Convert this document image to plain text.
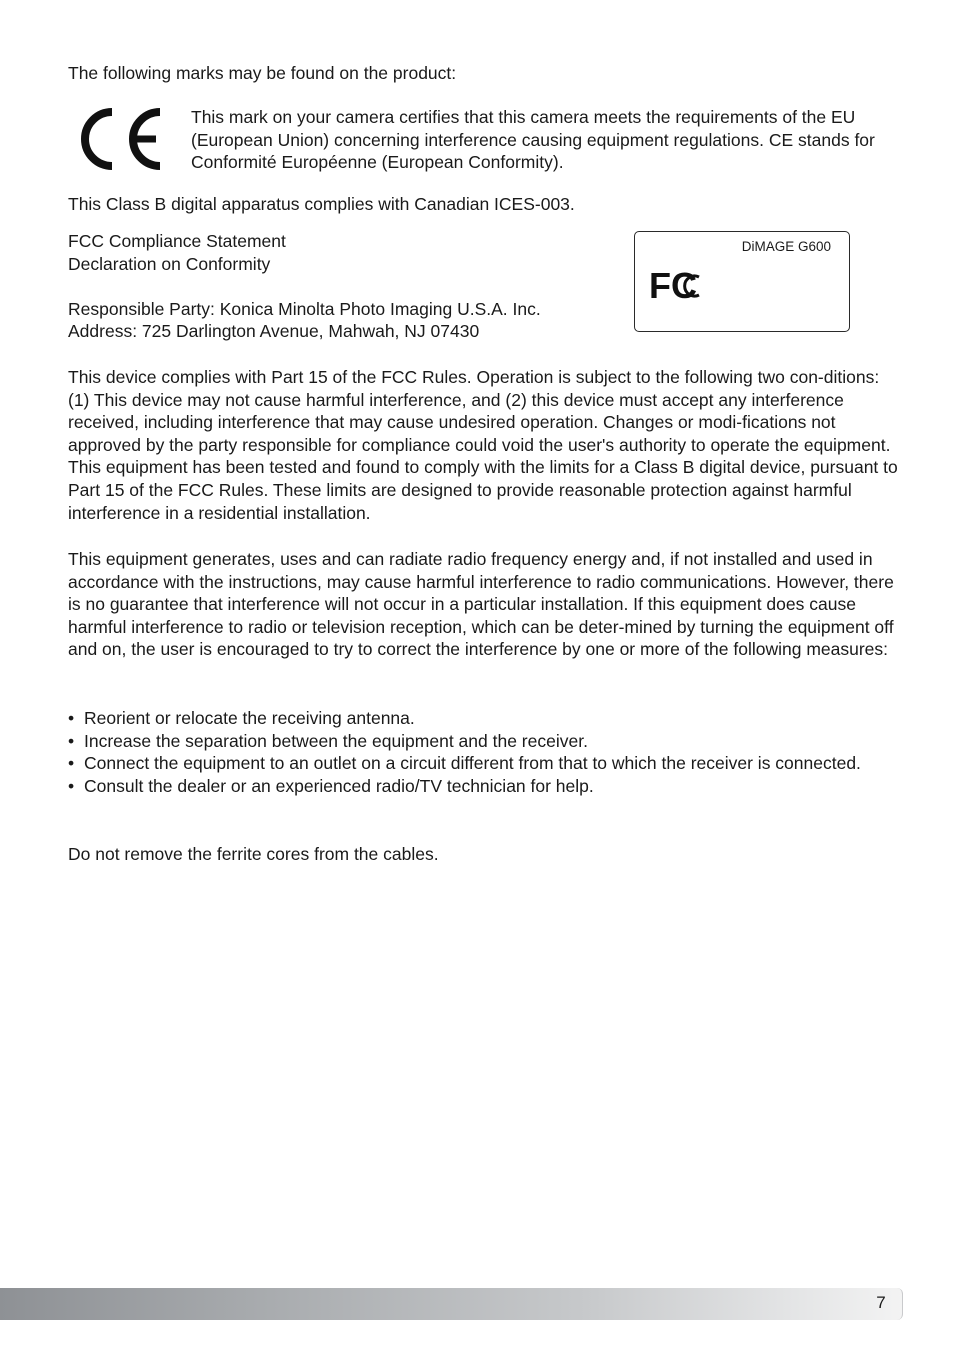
The following marks may be found on the product:

This mark on your camera certifies that this camera meets the requirements of the EU (European Union) concerning interference causing equipment regulations. CE stands for Conformité Européenne (European Conformity).

This Class B digital apparatus complies with Canadian ICES-003.

FCC Compliance Statement

Declaration on Conformity

Responsible Party: Konica Minolta Photo Imaging U.S.A. Inc.

Address: 725 Darlington Avenue, Mahwah, NJ 07430

DiMAGE G600
FC

This device complies with Part 15 of the FCC Rules. Operation is subject to the following two con-ditions: (1) This device may not cause harmful interference, and (2) this device must accept any interference received, including interference that may cause undesired operation. Changes or modi-fications not approved by the party responsible for compliance could void the user's authority to operate the equipment. This equipment has been tested and found to comply with the limits for a Class B digital device, pursuant to Part 15 of the FCC Rules. These limits are designed to provide reasonable protection against harmful interference in a residential installation.

This equipment generates, uses and can radiate radio frequency energy and, if not installed and used in accordance with the instructions, may cause harmful interference to radio communications. However, there is no guarantee that interference will not occur in a particular installation. If this equipment does cause harmful interference to radio or television reception, which can be deter-mined by turning the equipment off and on, the user is encouraged to try to correct the interference by one or more of the following measures:

• Reorient or relocate the receiving antenna.
• Increase the separation between the equipment and the receiver.
• Connect the equipment to an outlet on a circuit different from that to which the receiver is connected.
• Consult the dealer or an experienced radio/TV technician for help.

Do not remove the ferrite cores from the cables.

7
